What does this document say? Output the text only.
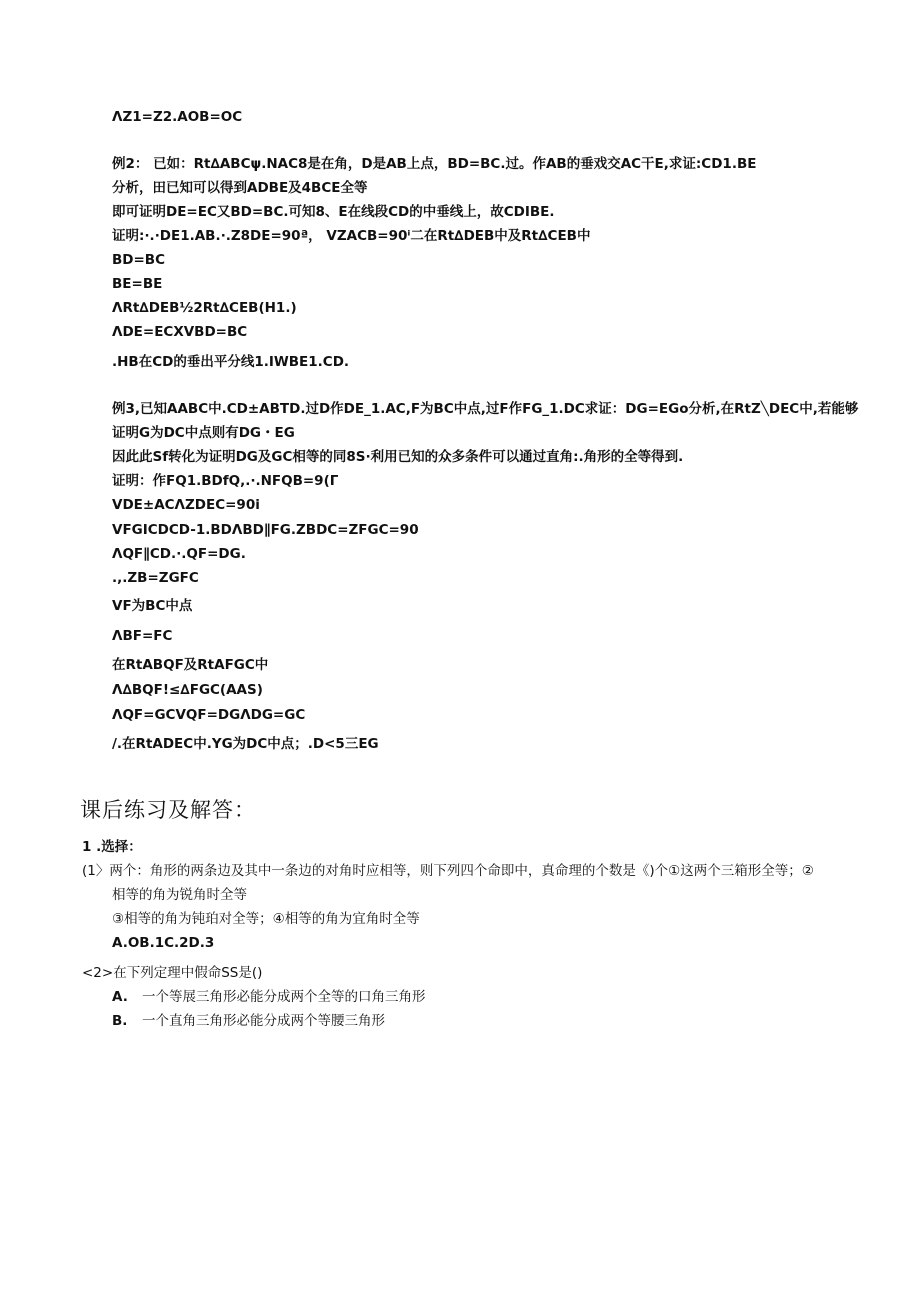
ΛZ1=Z2.AOB=OC

例2： 已如：Rt∆ABCψ.NAC8是在角，D是AB上点，BD=BC.过。作AB的垂戏交AC干E,求证:CD1.BE

分析，田已知可以得到ADBE及4BCE全等

即可证明DE=EC又BD=BC.可知8、E在线段CD的中垂线上，故CDIBE.

证明:∙.∙DE1.AB.∙.Z8DE=90ª， VZACB=90ⁱ二在Rt∆DEB中及Rt∆CEB中

BD=BC

BE=BE

ΛRt∆DEB½2Rt∆CEB(H1.)

ΛDE=ECXVBD=BC

.HB在CD的垂出平分线1.IWBE1.CD.

例3,已知AABC中.CD±ABTD.过D作DE_1.AC,F为BC中点,过F作FG_1.DC求证：DG=EGo分析,在RtZ╲DEC中,若能够

证明G为DC中点则有DG・EG

因此此Sf转化为证明DG及GC相等的同8S∙利用已知的众多条件可以通过直角:.角形的全等得到.

证明：作FQ1.BDfQ,.∙.NFQB=9(Γ

VDE±ACΛZDEC=90ⅰ

VFGICDCD-1.BDΛBD∥FG.ZBDC=ZFGC=90

ΛQF∥CD.∙.QF=DG.

.,.ZB=ZGFC

VF为BC中点

ΛBF=FC

在RtABQF及RtAFGC中

Λ∆BQF!≤∆FGC(AAS)

ΛQF=GCVQF=DGΛDG=GC

/.在RtADEC中.YG为DC中点；.D<5三EG

课后练习及解答：

1 .选择：

(1〉两个：角形的两条边及其中一条边的对角时应相等，则下列四个命即中，真命理的个数是《)个①这两个三箱形全等；②

相等的角为锐角时全等

③相等的角为钝珀对全等；④相等的角为宜角时全等

A.OB.1C.2D.3

<2>在下列定理中假命SS是()

A. 一个等展三角形必能分成两个全等的口角三角形

B. 一个直角三角形必能分成两个等腰三角形
